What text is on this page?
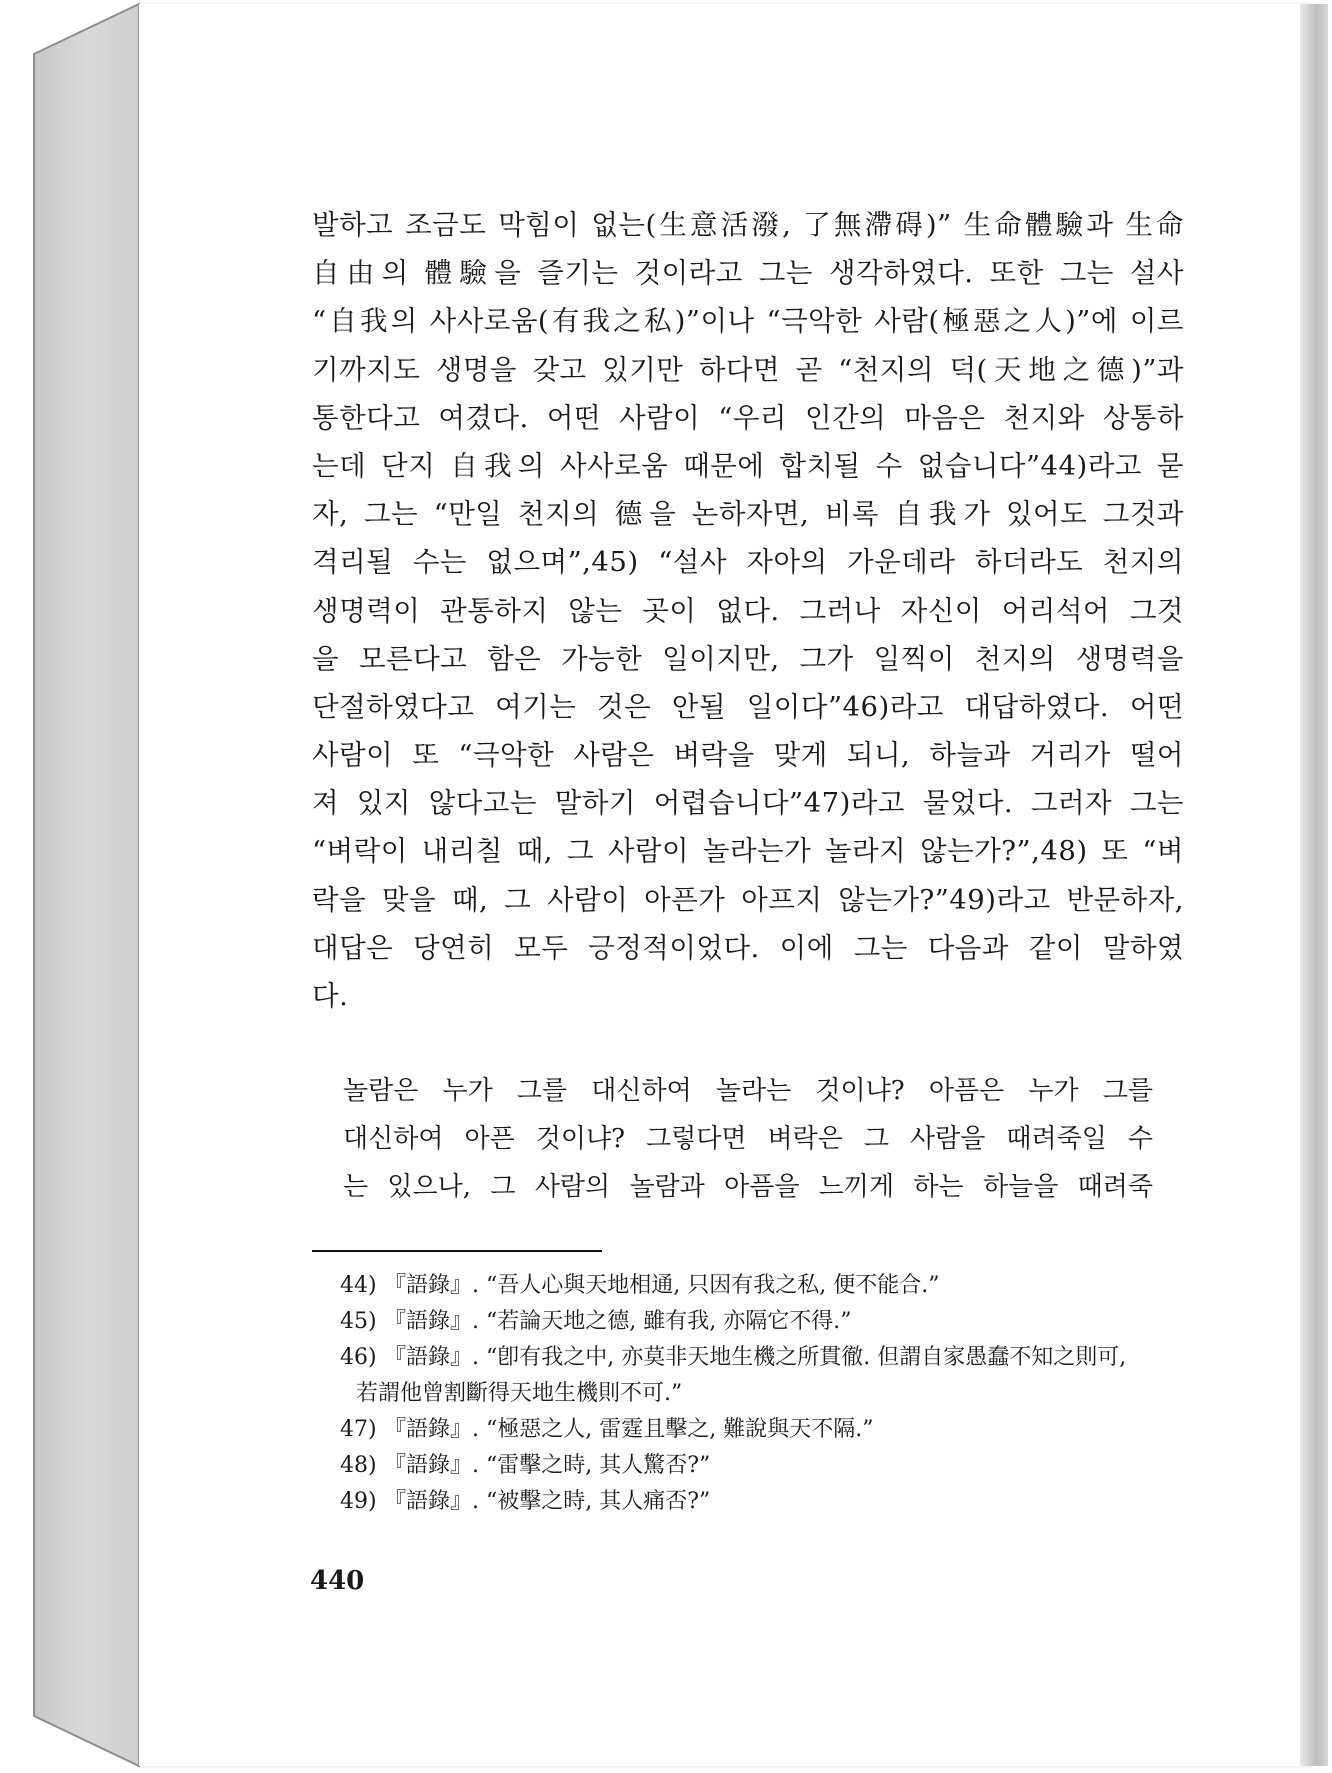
발하고 조금도 막힘이 없는(生意活潑, 了無滯碍)” 生命體驗과 生命
自由의 體驗을 즐기는 것이라고 그는 생각하였다. 또한 그는 설사
“自我의 사사로움(有我之私)”이나 “극악한 사람(極惡之人)”에 이르
기까지도 생명을 갖고 있기만 하다면 곧 “천지의 덕(天地之德)”과
통한다고 여겼다. 어떤 사람이 “우리 인간의 마음은 천지와 상통하
는데 단지 自我의 사사로움 때문에 합치될 수 없습니다”44)라고 묻
자, 그는 “만일 천지의 德을 논하자면, 비록 自我가 있어도 그것과
격리될 수는 없으며”,45) “설사 자아의 가운데라 하더라도 천지의
생명력이 관통하지 않는 곳이 없다. 그러나 자신이 어리석어 그것
을 모른다고 함은 가능한 일이지만, 그가 일찍이 천지의 생명력을
단절하였다고 여기는 것은 안될 일이다”46)라고 대답하였다. 어떤
사람이 또 “극악한 사람은 벼락을 맞게 되니, 하늘과 거리가 떨어
져 있지 않다고는 말하기 어렵습니다”47)라고 물었다. 그러자 그는
“벼락이 내리칠 때, 그 사람이 놀라는가 놀라지 않는가?”,48) 또 “벼
락을 맞을 때, 그 사람이 아픈가 아프지 않는가?”49)라고 반문하자,
대답은 당연히 모두 긍정적이었다. 이에 그는 다음과 같이 말하였
다.
놀람은 누가 그를 대신하여 놀라는 것이냐? 아픔은 누가 그를
대신하여 아픈 것이냐? 그렇다면 벼락은 그 사람을 때려죽일 수
는 있으나, 그 사람의 놀람과 아픔을 느끼게 하는 하늘을 때려죽
44) 『語錄』. “吾人心與天地相通, 只因有我之私, 便不能合.”
45) 『語錄』. “若論天地之德, 雖有我, 亦隔它不得.”
46) 『語錄』. “卽有我之中, 亦莫非天地生機之所貫徹. 但謂自家愚蠢不知之則可,
若謂他曾割斷得天地生機則不可.”
47) 『語錄』. “極惡之人, 雷霆且擊之, 難說與天不隔.”
48) 『語錄』. “雷擊之時, 其人驚否?”
49) 『語錄』. “被擊之時, 其人痛否?”
440
